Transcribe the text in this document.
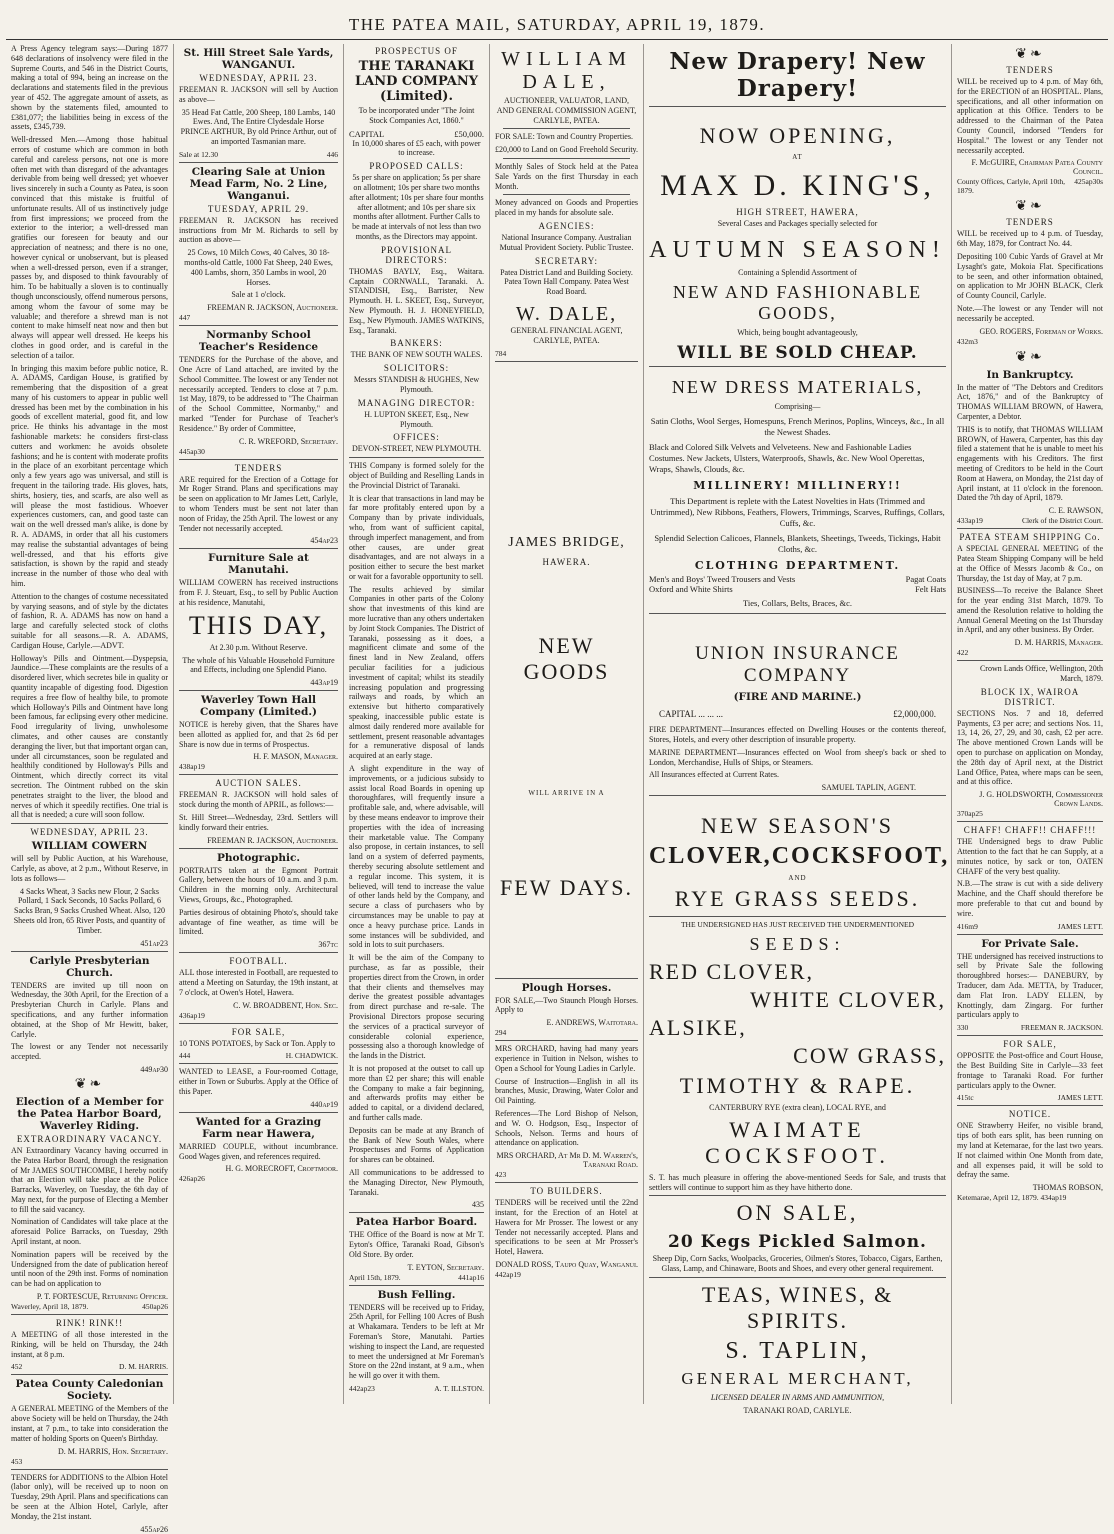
THE PATEA MAIL, SATURDAY, APRIL 19, 1879.

A Press Agency telegram says:—During 1877 648 declarations of insolvency were filed in the Supreme Courts, and 546 in the District Courts, making a total of 994, being an increase on the declarations and statements filed in the previous year of 452. The aggregate amount of assets, as shown by the statements filed, amounted to £381,077; the liabilities being in excess of the assets, £345,739.

Well-dressed Men.—Among those habitual errors of costume which are common in both careful and careless persons, not one is more often met with than disregard of the advantages derivable from being well dressed; yet whoever lives sincerely in such a County as Patea, is soon convinced that this mistake is fruitful of unfortunate results. All of us instinctively judge from first impressions; we proceed from the exterior to the interior; a well-dressed man gratifies our foreseen for beauty and our appreciation of neatness; and there is no one, however cynical or unobservant, but is pleased when a well-dressed person, even if a stranger, passes by, and disposed to think favourably of him. To be habitually a sloven is to continually though unconsciously, offend numerous persons, among whom the favour of some may be valuable; and therefore a shrewd man is not content to make himself neat now and then but always will appear well dressed. He keeps his clothes in good order, and is careful in the selection of a tailor.

In bringing this maxim before public notice, R. A. ADAMS, Cardigan House, is gratified by remembering that the disposition of a great many of his customers to appear in public well dressed has been met by the combination in his goods of excellent material, good fit, and low price. He thinks his advantage in the most fashionable markets: he considers first-class cutters and workmen: he avoids obsolete fashions; and he is content with moderate profits in the place of an exorbitant percentage which only a few years ago was universal, and still is frequent in the tailoring trade. His gloves, hats, shirts, hosiery, ties, and scarfs, are also well as will please the most fastidious. Whoever experiences customers, can, and good taste can wait on the well dressed man's alike, is done by R. A. ADAMS, in order that all his customers may realise the substantial advantages of being well-dressed, and that his efforts give satisfaction, is shown by the rapid and steady increase in the number of those who deal with him.

Attention to the changes of costume necessitated by varying seasons, and of style by the dictates of fashion, R. A. ADAMS has now on hand a large and carefully selected stock of cloths suitable for all seasons.—R. A. ADAMS, Cardigan House, Carlyle.—ADVT.

Holloway's Pills and Ointment.—Dyspepsia, Jaundice.—These complaints are the results of a disordered liver, which secretes bile in quality or quantity incapable of digesting food. Digestion requires a free flow of healthy bile, to promote which Holloway's Pills and Ointment have long been famous, far eclipsing every other medicine. Food irregularity of living, unwholesome climates, and other causes are constantly deranging the liver, but that important organ can, under all circumstances, soon be regulated and healthily conditioned by Holloway's Pills and Ointment, which directly correct its vital secretion. The Ointment rubbed on the skin penetrates straight to the liver, the blood and nerves of which it speedily rectifies. One trial is all that is needed; a cure will soon follow.

WEDNESDAY, APRIL 23.
WILLIAM COWERN

will sell by Public Auction, at his Warehouse, Carlyle, as above, at 2 p.m., Without Reserve, in lots as follows—

4 Sacks Wheat, 3 Sacks new Flour, 2 Sacks Pollard, 1 Sack Seconds, 10 Sacks Pollard, 6 Sacks Bran, 9 Sacks Crushed Wheat. Also, 120 Sheets old Iron, 65 River Posts, and quantity of Timber.

451ap23
Carlyle Presbyterian Church.

TENDERS are invited up till noon on Wednesday, the 30th April, for the Erection of a Presbyterian Church in Carlyle. Plans and specifications, and any further information obtained, at the Shop of Mr Hewitt, baker, Carlyle.

The lowest or any Tender not necessarily accepted.

449ap30
❦❧
Election of a Member for the Patea Harbor Board, Waverley Riding.
EXTRAORDINARY VACANCY.

AN Extraordinary Vacancy having occurred in the Patea Harbor Board, through the resignation of Mr JAMES SOUTHCOMBE, I hereby notify that an Election will take place at the Police Barracks, Waverley, on Tuesday, the 6th day of May next, for the purpose of Electing a Member to fill the said vacancy.

Nomination of Candidates will take place at the aforesaid Police Barracks, on Tuesday, 29th April instant, at noon.

Nomination papers will be received by the Undersigned from the date of publication hereof until noon of the 29th inst. Forms of nomination can be had on application to

P. T. FORTESCUE, Returning Officer.
Waverley, April 18, 1879.	450ap26
RINK! RINK!!

A MEETING of all those interested in the Rinking, will be held on Thursday, the 24th instant, at 8 p.m.

452	D. M. HARRIS.
Patea County Caledonian Society.

A GENERAL MEETING of the Members of the above Society will be held on Thursday, the 24th instant, at 7 p.m., to take into consideration the matter of holding Sports on Queen's Birthday.

D. M. HARRIS, Hon. Secretary.
453

TENDERS for ADDITIONS to the Albion Hotel (labor only), will be received up to noon on Tuesday, 29th April. Plans and specifications can be seen at the Albion Hotel, Carlyle, after Monday, the 21st instant.

455ap26
St. Hill Street Sale Yards, WANGANUI.
WEDNESDAY, APRIL 23.

FREEMAN R. JACKSON will sell by Auction as above—

35 Head Fat Cattle, 200 Sheep, 180 Lambs, 140 Ewes. And, The Entire Clydesdale Horse PRINCE ARTHUR, By old Prince Arthur, out of an imported Tasmanian mare.

Sale at 12.30	446
Clearing Sale at Union Mead Farm, No. 2 Line, Wanganui.
TUESDAY, APRIL 29.

FREEMAN R. JACKSON has received instructions from Mr M. Richards to sell by auction as above—

25 Cows, 10 Milch Cows, 40 Calves, 30 18-months-old Cattle, 1000 Fat Sheep, 240 Ewes, 400 Lambs, shorn, 350 Lambs in wool, 20 Horses.

Sale at 1 o'clock.

FREEMAN R. JACKSON, Auctioneer.
447
Normanby School Teacher's Residence

TENDERS for the Purchase of the above, and One Acre of Land attached, are invited by the School Committee. The lowest or any Tender not necessarily accepted. Tenders to close at 7 p.m. 1st May, 1879, to be addressed to "The Chairman of the School Committee, Normanby," and marked "Tender for Purchase of Teacher's Residence." By order of Committee,

C. R. WREFORD, Secretary.
445ap30
TENDERS

ARE required for the Erection of a Cottage for Mr Roger Strand. Plans and specifications may be seen on application to Mr James Lett, Carlyle, to whom Tenders must be sent not later than noon of Friday, the 25th April. The lowest or any Tender not necessarily accepted.

454ap23
Furniture Sale at Manutahi.

WILLIAM COWERN has received instructions from F. J. Steuart, Esq., to sell by Public Auction at his residence, Manutahi,

THIS DAY,

At 2.30 p.m. Without Reserve.

The whole of his Valuable Household Furniture and Effects, including one Splendid Piano.

443ap19
Waverley Town Hall Company (Limited.)

NOTICE is hereby given, that the Shares have been allotted as applied for, and that 2s 6d per Share is now due in terms of Prospectus.

H. F. MASON, Manager.
438ap19
AUCTION SALES.

FREEMAN R. JACKSON will hold sales of stock during the month of APRIL, as follows:—

St. Hill Street—Wednesday, 23rd. Settlers will kindly forward their entries.

FREEMAN R. JACKSON, Auctioneer.
Photographic.

PORTRAITS taken at the Egmont Portrait Gallery, between the hours of 10 a.m. and 3 p.m. Children in the morning only. Architectural Views, Groups, &c., Photographed.

Parties desirous of obtaining Photo's, should take advantage of fine weather, as time will be limited.

367tc
FOOTBALL.

ALL those interested in Football, are requested to attend a Meeting on Saturday, the 19th instant, at 7 o'clock, at Owen's Hotel, Hawera.

C. W. BROADBENT, Hon. Sec.
436ap19
FOR SALE,

10 TONS POTATOES, by Sack or Ton. Apply to

444	H. CHADWICK.

WANTED to LEASE, a Four-roomed Cottage, either in Town or Suburbs. Apply at the Office of this Paper.

440ap19
Wanted for a Grazing Farm near Hawera,

MARRIED COUPLE, without incumbrance. Good Wages given, and references required.

H. G. MORECROFT, Croftmoor.
426ap26
PROSPECTUS OF
THE TARANAKI LAND COMPANY (Limited).

To be incorporated under "The Joint Stock Companies Act, 1860."

CAPITAL	£50,000.

In 10,000 shares of £5 each, with power to increase.

PROPOSED CALLS:

5s per share on application; 5s per share on allotment; 10s per share two months after allotment; 10s per share four months after allotment; and 10s per share six months after allotment. Further Calls to be made at intervals of not less than two months, as the Directors may appoint.

PROVISIONAL DIRECTORS:

THOMAS BAYLY, Esq., Waitara. Captain CORNWALL, Taranaki. A. STANDISH, Esq., Barrister, New Plymouth. H. L. SKEET, Esq., Surveyor, New Plymouth. H. J. HONEYFIELD, Esq., New Plymouth. JAMES WATKINS, Esq., Taranaki.

BANKERS:

THE BANK OF NEW SOUTH WALES.

SOLICITORS:

Messrs STANDISH & HUGHES, New Plymouth.

MANAGING DIRECTOR:

H. LUPTON SKEET, Esq., New Plymouth.

OFFICES:

DEVON-STREET, NEW PLYMOUTH.

THIS Company is formed solely for the object of Building and Reselling Lands in the Provincial District of Taranaki.

It is clear that transactions in land may be far more profitably entered upon by a Company than by private individuals, who, from want of sufficient capital, through imperfect management, and from other causes, are under great disadvantages, and are not always in a position either to secure the best market or wait for a favorable opportunity to sell.

The results achieved by similar Companies in other parts of the Colony show that investments of this kind are more lucrative than any others undertaken by Joint Stock Companies. The District of Taranaki, possessing as it does, a magnificent climate and some of the finest land in New Zealand, offers peculiar facilities for a judicious investment of capital; whilst its steadily increasing population and progressing railways and roads, by which an extensive but hitherto comparatively speaking, inaccessible public estate is almost daily rendered more available for settlement, present reasonable advantages for a remunerative disposal of lands acquired at an early stage.

A slight expenditure in the way of improvements, or a judicious subsidy to assist local Road Boards in opening up thoroughfares, will frequently insure a profitable sale, and, where advisable, will by these means endeavor to improve their properties with the idea of increasing their marketable value. The Company also propose, in certain instances, to sell land on a system of deferred payments, thereby securing absolute settlement and a regular income. This system, it is believed, will tend to increase the value of other lands held by the Company, and secure a class of purchasers who by circumstances may be unable to pay at once a heavy purchase price. Lands in some instances will be subdivided, and sold in lots to suit purchasers.

It will be the aim of the Company to purchase, as far as possible, their properties direct from the Crown, in order that their clients and themselves may derive the greatest possible advantages from direct purchase and re-sale. The Provisional Directors propose securing the services of a practical surveyor of considerable colonial experience, possessing also a thorough knowledge of the lands in the District.

It is not proposed at the outset to call up more than £2 per share; this will enable the Company to make a fair beginning, and afterwards profits may either be added to capital, or a dividend declared, and further calls made.

Deposits can be made at any Branch of the Bank of New South Wales, where Prospectuses and Forms of Application for shares can be obtained.

All communications to be addressed to the Managing Director, New Plymouth, Taranaki.

435
Patea Harbor Board.

THE Office of the Board is now at Mr T. Eyton's Office, Taranaki Road, Gibson's Old Store. By order.

T. EYTON, Secretary.
April 15th, 1879.	441ap16
Bush Felling.

TENDERS will be received up to Friday, 25th April, for Felling 100 Acres of Bush at Whakamara. Tenders to be left at Mr Foreman's Store, Manutahi. Parties wishing to inspect the Land, are requested to meet the undersigned at Mr Foreman's Store on the 22nd instant, at 9 a.m., when he will go over it with them.

442ap23	A. T. ILLSTON.
WILLIAM DALE,

AUCTIONEER, VALUATOR, LAND, AND GENERAL COMMISSION AGENT, CARLYLE, PATEA.

FOR SALE: Town and Country Properties.

£20,000 to Land on Good Freehold Security.

Monthly Sales of Stock held at the Patea Sale Yards on the first Thursday in each Month.

Money advanced on Goods and Properties placed in my hands for absolute sale.

AGENCIES:

National Insurance Company. Australian Mutual Provident Society. Public Trustee.

SECRETARY:

Patea District Land and Building Society. Patea Town Hall Company. Patea West Road Board.

W. DALE,

GENERAL FINANCIAL AGENT, CARLYLE, PATEA.

784
JAMES BRIDGE,
HAWERA.
NEW GOODS
WILL ARRIVE IN A
FEW DAYS.
Plough Horses.

FOR SALE,—Two Staunch Plough Horses. Apply to

E. ANDREWS, Waitotara.
294

MRS ORCHARD, having had many years experience in Tuition in Nelson, wishes to Open a School for Young Ladies in Carlyle.

Course of Instruction—English in all its branches, Music, Drawing, Water Color and Oil Painting.

References—The Lord Bishop of Nelson, and W. O. Hodgson, Esq., Inspector of Schools, Nelson. Terms and hours of attendance on application.

MRS ORCHARD, At Mr D. M. Warren's, Taranaki Road.
423
TO BUILDERS.

TENDERS will be received until the 22nd instant, for the Erection of an Hotel at Hawera for Mr Prosser. The lowest or any Tender not necessarily accepted. Plans and specifications to be seen at Mr Prosser's Hotel, Hawera.

DONALD ROSS, Taupo Quay, Wanganui.
442ap19
New Drapery! New Drapery!
NOW OPENING,
AT
MAX D. KING'S,
HIGH STREET, HAWERA,

Several Cases and Packages specially selected for

AUTUMN SEASON!

Containing a Splendid Assortment of

NEW AND FASHIONABLE GOODS,

Which, being bought advantageously,

WILL BE SOLD CHEAP.
NEW DRESS MATERIALS,

Comprising—

Satin Cloths, Wool Serges, Homespuns, French Merinos, Poplins, Winceys, &c., In all the Newest Shades.
Black and Colored Silk Velvets and Velveteens. New and Fashionable Ladies Costumes. New Jackets, Ulsters, Waterproofs, Shawls, &c. New Wool Operettas, Wraps, Shawls, Clouds, &c.
MILLINERY! MILLINERY!!
This Department is replete with the Latest Novelties in Hats (Trimmed and Untrimmed), New Ribbons, Feathers, Flowers, Trimmings, Scarves, Ruffings, Collars, Cuffs, &c.
Splendid Selection Calicoes, Flannels, Blankets, Sheetings, Tweeds, Tickings, Habit Cloths, &c.
CLOTHING DEPARTMENT.
Men's and Boys' Tweed Trousers and Vests	Pagat Coats
Oxford and White Shirts	Felt Hats
Ties, Collars, Belts, Braces, &c.
UNION INSURANCE COMPANY
(FIRE AND MARINE.)
CAPITAL ... ... ...	£2,000,000.

FIRE DEPARTMENT—Insurances effected on Dwelling Houses or the contents thereof, Stores, Hotels, and every other description of insurable property.

MARINE DEPARTMENT—Insurances effected on Wool from sheep's back or shed to London, Merchandise, Hulls of Ships, or Steamers.

All Insurances effected at Current Rates.

SAMUEL TAPLIN, AGENT.
NEW SEASON'S
CLOVER, COCKSFOOT,
AND
RYE GRASS SEEDS.

THE UNDERSIGNED HAS JUST RECEIVED THE UNDERMENTIONED

SEEDS:
RED CLOVER,
WHITE CLOVER,
ALSIKE,
COW GRASS,
TIMOTHY & RAPE.

CANTERBURY RYE (extra clean), LOCAL RYE, and

WAIMATE COCKSFOOT.

S. T. has much pleasure in offering the above-mentioned Seeds for Sale, and trusts that settlers will continue to support him as they have hitherto done.

ON SALE,
20 Kegs Pickled Salmon.

Sheep Dip, Corn Sacks, Woolpacks, Groceries, Oilmen's Stores, Tobacco, Cigars, Earthen, Glass, Lamp, and Chinaware, Boots and Shoes, and every other general requirement.

TEAS, WINES, & SPIRITS.
S. TAPLIN,
GENERAL MERCHANT,

LICENSED DEALER IN ARMS AND AMMUNITION,

TARANAKI ROAD, CARLYLE.

❦❧
TENDERS

WILL be received up to 4 p.m. of May 6th, for the ERECTION of an HOSPITAL. Plans, specifications, and all other information on application at this Office. Tenders to be addressed to the Chairman of the Patea County Council, indorsed "Tenders for Hospital." The lowest or any Tender not necessarily accepted.

F. McGUIRE, Chairman Patea County Council.
County Offices, Carlyle, April 10th, 1879.
425ap30s
❦❧
TENDERS

WILL be received up to 4 p.m. of Tuesday, 6th May, 1879, for Contract No. 44.

Depositing 100 Cubic Yards of Gravel at Mr Lysaght's gate, Mokoia Flat. Specifications to be seen, and other information obtained, on application to Mr JOHN BLACK, Clerk of County Council, Carlyle.

Note.—The lowest or any Tender will not necessarily be accepted.

GEO. ROGERS, Foreman of Works.
432m3
❦❧
In Bankruptcy.

In the matter of "The Debtors and Creditors Act, 1876," and of the Bankruptcy of THOMAS WILLIAM BROWN, of Hawera, Carpenter, a Debtor.

THIS is to notify, that THOMAS WILLIAM BROWN, of Hawera, Carpenter, has this day filed a statement that he is unable to meet his engagements with his Creditors. The first meeting of Creditors to be held in the Court Room at Hawera, on Monday, the 21st day of April instant, at 11 o'clock in the forenoon. Dated the 7th day of April, 1879.

C. E. RAWSON,
433ap19	Clerk of the District Court.
PATEA STEAM SHIPPING Co.

A SPECIAL GENERAL MEETING of the Patea Steam Shipping Company will be held at the Office of Messrs Jacomb & Co., on Thursday, the 1st day of May, at 7 p.m.

BUSINESS—To receive the Balance Sheet for the year ending 31st March, 1879. To amend the Resolution relative to holding the Annual General Meeting on the 1st Thursday in April, and any other business. By Order.

D. M. HARRIS, Manager.
422

Crown Lands Office, Wellington, 20th March, 1879.

BLOCK IX, WAIROA DISTRICT.

SECTIONS Nos. 7 and 18, deferred Payments, £3 per acre; and sections Nos. 11, 13, 14, 26, 27, 29, and 30, cash, £2 per acre. The above mentioned Crown Lands will be open to purchase on application on Monday, the 28th day of April next, at the District Land Office, Patea, where maps can be seen, and at this office.

J. G. HOLDSWORTH, Commissioner Crown Lands.
370ap25
CHAFF! CHAFF!! CHAFF!!!

THE Undersigned begs to draw Public Attention to the fact that he can Supply, at a minutes notice, by sack or ton, OATEN CHAFF of the very best quality.

N.B.—The straw is cut with a side delivery Machine, and the Chaff should therefore be more preferable to that cut and bound by wire.

416m9	JAMES LETT.
For Private Sale.

THE undersigned has received instructions to sell by Private Sale the following thoroughbred horses:— DANEBURY, by Traducer, dam Ada. METTA, by Traducer, dam Flat Iron. LADY ELLEN, by Knottingly, dam Zingarg. For further particulars apply to

330	FREEMAN R. JACKSON.
FOR SALE,

OPPOSITE the Post-office and Court House, the Best Building Site in Carlyle—33 feet frontage to Taranaki Road. For further particulars apply to the Owner.

415tc	JAMES LETT.
NOTICE.

ONE Strawberry Heifer, no visible brand, tips of both ears split, has been running on my land at Ketemarae, for the last two years. If not claimed within One Month from date, and all expenses paid, it will be sold to defray the same.

THOMAS ROBSON,
Ketemarae, April 12, 1879. 434ap19
